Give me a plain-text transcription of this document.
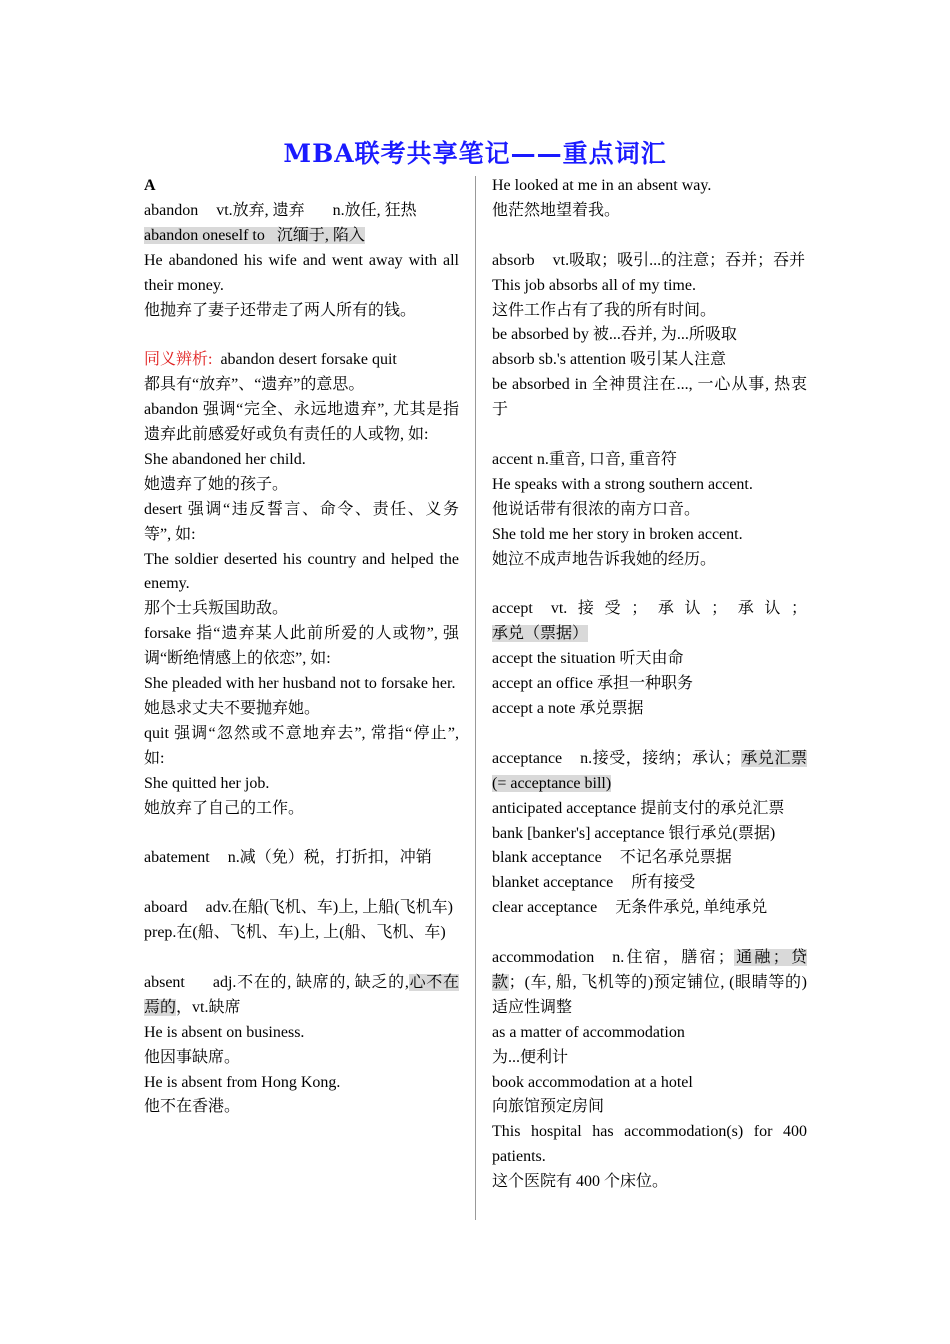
MBA联考共享笔记——重点词汇

A

abandon vt.放弃, 遗弃 n.放任, 狂热

abandon oneself to 沉缅于, 陷入

He abandoned his wife and went away with all their money.

他抛弃了妻子还带走了两人所有的钱。

同义辨析: abandon desert forsake quit

都具有“放弃”、“遗弃”的意思。

abandon 强调“完全、永远地遗弃”, 尤其是指遗弃此前感爱好或负有责任的人或物, 如:

She abandoned her child.

她遗弃了她的孩子。

desert 强调“违反誓言、命令、责任、义务等”, 如:

The soldier deserted his country and helped the enemy.

那个士兵叛国助敌。

forsake 指“遗弃某人此前所爱的人或物”, 强调“断绝情感上的依恋”, 如:

She pleaded with her husband not to forsake her.

她恳求丈夫不要抛弃她。

quit 强调“忽然或不意地弃去”, 常指“停止”, 如:

She quitted her job.

她放弃了自己的工作。

abatement n.减（免）税，打折扣，冲销

aboard adv.在船(飞机、车)上, 上船(飞机车)

prep.在(船、飞机、车)上, 上(船、飞机、车)

absent adj.不在的, 缺席的, 缺乏的,心不在焉的，vt.缺席

He is absent on business.

他因事缺席。

He is absent from Hong Kong.

他不在香港。

He looked at me in an absent way.

他茫然地望着我。

absorb vt.吸取；吸引...的注意；吞并；吞并

This job absorbs all of my time.

这件工作占有了我的所有时间。

be absorbed by 被...吞并, 为...所吸取

absorb sb.'s attention 吸引某人注意

be absorbed in 全神贯注在..., 一心从事, 热衷于

accent n.重音, 口音, 重音符

He speaks with a strong southern accent.

他说话带有很浓的南方口音。

She told me her story in broken accent.

她泣不成声地告诉我她的经历。

accept vt.接受；承认；承认；承兑（票据）

accept the situation 听天由命

accept an office 承担一种职务

accept a note 承兑票据

acceptance n.接受，接纳；承认；承兑汇票 (= acceptance bill)

anticipated acceptance 提前支付的承兑汇票

bank [banker's] acceptance 银行承兑(票据)

blank acceptance 不记名承兑票据

blanket acceptance 所有接受

clear acceptance 无条件承兑, 单纯承兑

accommodation n.住宿，膳宿；通融；贷款；(车, 船, 飞机等的)预定铺位, (眼睛等的)适应性调整

as a matter of accommodation

为...便利计

book accommodation at a hotel

向旅馆预定房间

This hospital has accommodation(s) for 400 patients.

这个医院有 400 个床位。
